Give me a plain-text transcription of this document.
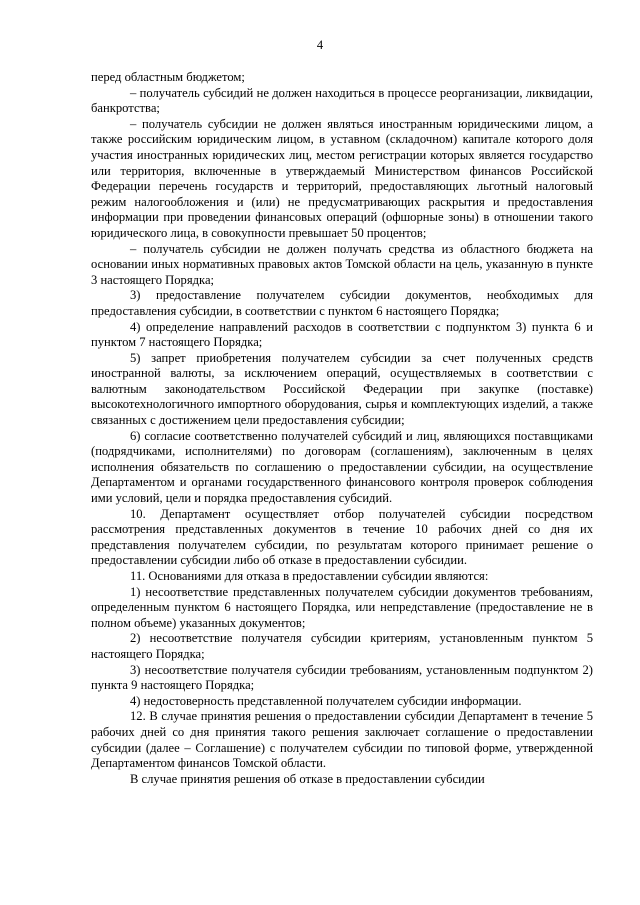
4

перед областным бюджетом;

– получатель субсидий не должен находиться в процессе реорганизации, ликвидации, банкротства;

– получатель субсидии не должен являться иностранным юридическими лицом, а также российским юридическим лицом, в уставном (складочном) капитале которого доля участия иностранных юридических лиц, местом регистрации которых является государство или территория, включенные в утверждаемый Министерством финансов Российской Федерации перечень государств и территорий, предоставляющих льготный налоговый режим налогообложения и (или) не предусматривающих раскрытия и предоставления информации при проведении финансовых операций (офшорные зоны) в отношении такого юридического лица, в совокупности превышает 50 процентов;

– получатель субсидии не должен получать средства из областного бюджета на основании иных нормативных правовых актов Томской области на цель, указанную в пункте 3 настоящего Порядка;

3) предоставление получателем субсидии документов, необходимых для предоставления субсидии, в соответствии с пунктом 6 настоящего Порядка;

4) определение направлений расходов в соответствии с подпунктом 3) пункта 6 и пунктом 7 настоящего Порядка;

5) запрет приобретения получателем субсидии за счет полученных средств иностранной валюты, за исключением операций, осуществляемых в соответствии с валютным законодательством Российской Федерации при закупке (поставке) высокотехнологичного импортного оборудования, сырья и комплектующих изделий, а также связанных с достижением цели предоставления субсидии;

6) согласие соответственно получателей субсидий и лиц, являющихся поставщиками (подрядчиками, исполнителями) по договорам (соглашениям), заключенным в целях исполнения обязательств по соглашению о предоставлении субсидии, на осуществление Департаментом и органами государственного финансового контроля проверок соблюдения ими условий, цели и порядка предоставления субсидий.

10. Департамент осуществляет отбор получателей субсидии посредством рассмотрения представленных документов в течение 10 рабочих дней со дня их представления получателем субсидии, по результатам которого принимает решение о предоставлении субсидии либо об отказе в предоставлении субсидии.

11. Основаниями для отказа в предоставлении субсидии являются:

1) несоответствие представленных получателем субсидии документов требованиям, определенным пунктом 6 настоящего Порядка, или непредставление (предоставление не в полном объеме) указанных документов;

2) несоответствие получателя субсидии критериям, установленным пунктом 5 настоящего Порядка;

3) несоответствие получателя субсидии требованиям, установленным подпунктом 2) пункта 9 настоящего Порядка;

4) недостоверность представленной получателем субсидии информации.

12. В случае принятия решения о предоставлении субсидии Департамент в течение 5 рабочих дней со дня принятия такого решения заключает соглашение о предоставлении субсидии (далее – Соглашение) с получателем субсидии по типовой форме, утвержденной Департаментом финансов Томской области.

В случае принятия решения об отказе в предоставлении субсидии
